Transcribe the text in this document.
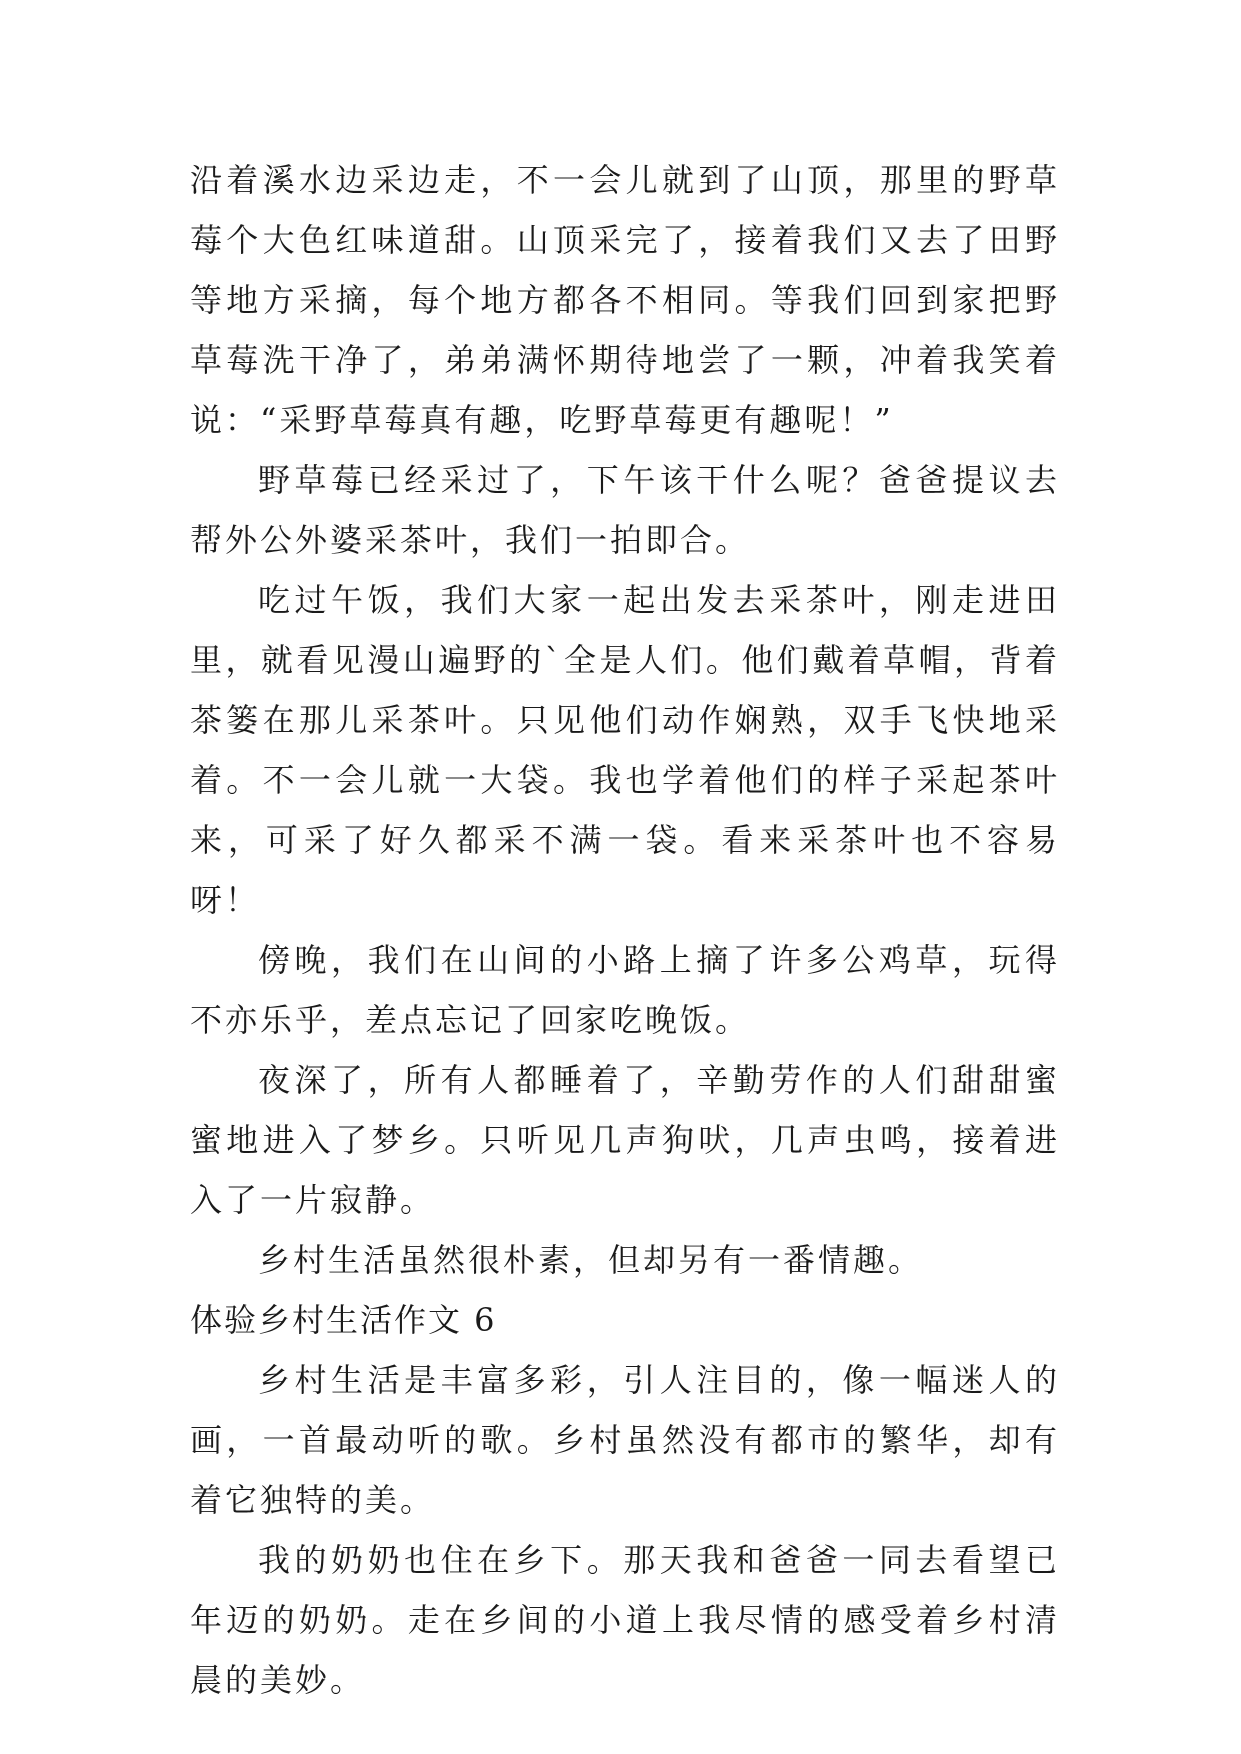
沿着溪水边采边走，不一会儿就到了山顶，那里的野草莓个大色红味道甜。山顶采完了，接着我们又去了田野等地方采摘，每个地方都各不相同。等我们回到家把野草莓洗干净了，弟弟满怀期待地尝了一颗，冲着我笑着说：“采野草莓真有趣，吃野草莓更有趣呢！”

野草莓已经采过了，下午该干什么呢？爸爸提议去帮外公外婆采茶叶，我们一拍即合。

吃过午饭，我们大家一起出发去采茶叶，刚走进田里，就看见漫山遍野的`全是人们。他们戴着草帽，背着茶篓在那儿采茶叶。只见他们动作娴熟，双手飞快地采着。不一会儿就一大袋。我也学着他们的样子采起茶叶来，可采了好久都采不满一袋。看来采茶叶也不容易呀！

傍晚，我们在山间的小路上摘了许多公鸡草，玩得不亦乐乎，差点忘记了回家吃晚饭。

夜深了，所有人都睡着了，辛勤劳作的人们甜甜蜜蜜地进入了梦乡。只听见几声狗吠，几声虫鸣，接着进入了一片寂静。

乡村生活虽然很朴素，但却另有一番情趣。

体验乡村生活作文 6

乡村生活是丰富多彩，引人注目的，像一幅迷人的画，一首最动听的歌。乡村虽然没有都市的繁华，却有着它独特的美。

我的奶奶也住在乡下。那天我和爸爸一同去看望已年迈的奶奶。走在乡间的小道上我尽情的感受着乡村清晨的美妙。
